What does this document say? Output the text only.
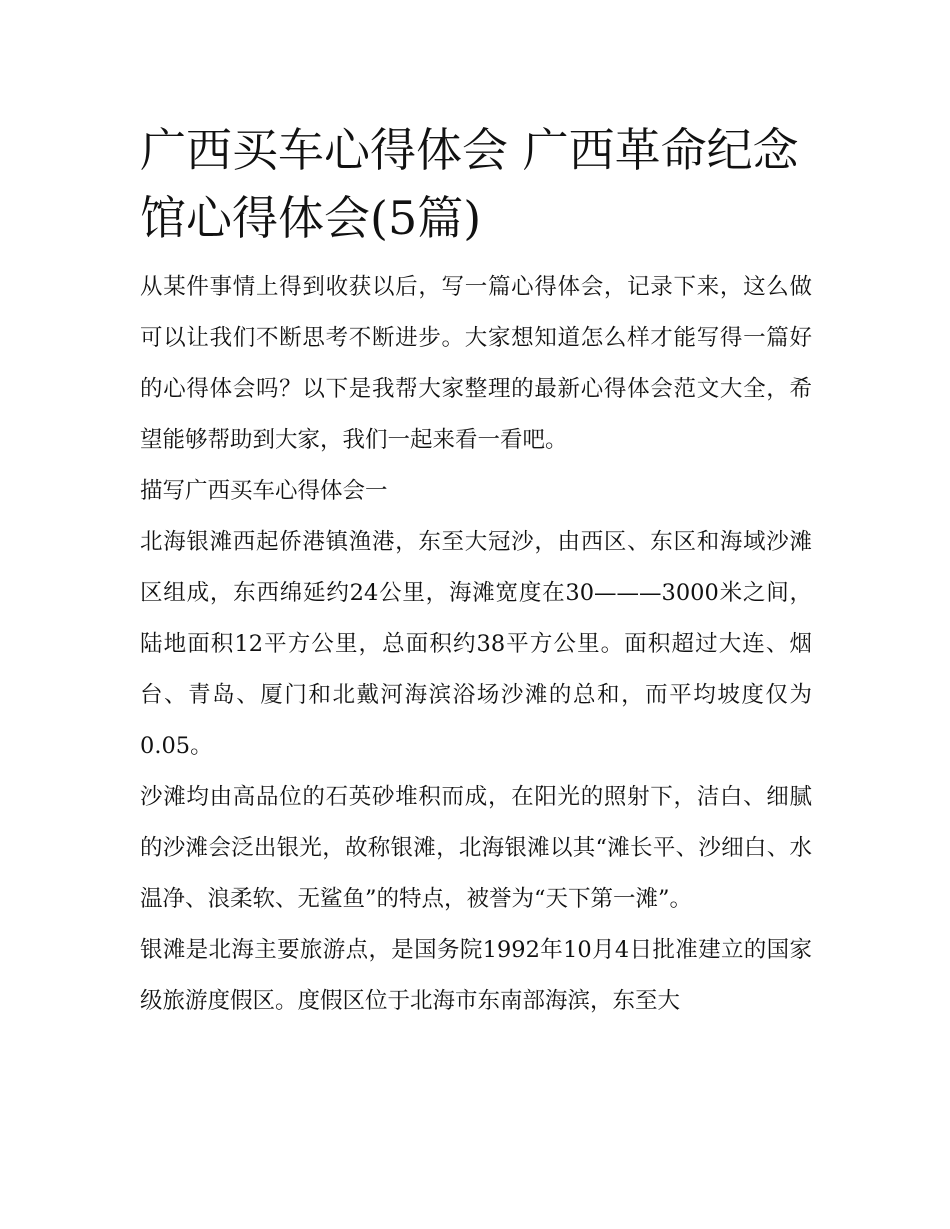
广西买车心得体会 广西革命纪念馆心得体会(5篇)

从某件事情上得到收获以后，写一篇心得体会，记录下来，这么做可以让我们不断思考不断进步。大家想知道怎么样才能写得一篇好的心得体会吗？以下是我帮大家整理的最新心得体会范文大全，希望能够帮助到大家，我们一起来看一看吧。

描写广西买车心得体会一

北海银滩西起侨港镇渔港，东至大冠沙，由西区、东区和海域沙滩区组成，东西绵延约24公里，海滩宽度在30———3000米之间，陆地面积12平方公里，总面积约38平方公里。面积超过大连、烟台、青岛、厦门和北戴河海滨浴场沙滩的总和，而平均坡度仅为0.05。

沙滩均由高品位的石英砂堆积而成，在阳光的照射下，洁白、细腻的沙滩会泛出银光，故称银滩，北海银滩以其“滩长平、沙细白、水温净、浪柔软、无鲨鱼”的特点，被誉为“天下第一滩”。

银滩是北海主要旅游点，是国务院1992年10月4日批准建立的国家级旅游度假区。度假区位于北海市东南部海滨，东至大
